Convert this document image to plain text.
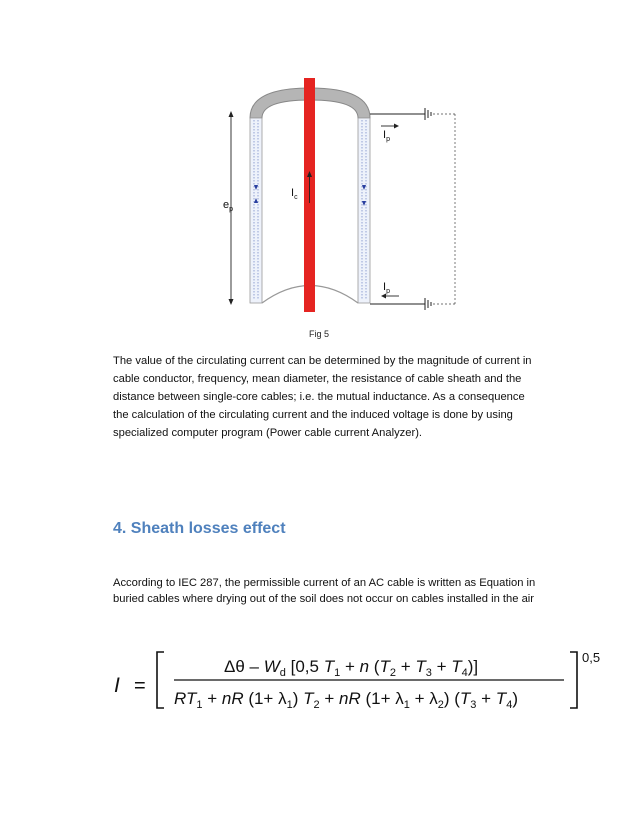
$I_c$
$e_p$
$I_p$
$I_p$
Fig 5
The value of the circulating current can be determined by the magnitude of current in cable conductor, frequency, mean diameter, the resistance of cable sheath and the distance between single-core cables; i.e. the mutual inductance. As a consequence the calculation of the circulating current and the induced voltage is done by using specialized computer program (Power cable current Analyzer).
4. Sheath losses effect
According to IEC 287, the permissible current of an AC cable is written as Equation in buried cables where drying out of the soil does not occur on cables installed in the air
I =
Δθ – $W_d$ [0,5 $T_1 + n$ $(T_2 + T_3 + T_4)$]
$RT_1$ + nR $(1+ \lambda_1)$ $T_2$ + nR $(1+ \lambda_1 + \lambda_2)$ $(T_3 + T_4)$
0,5
